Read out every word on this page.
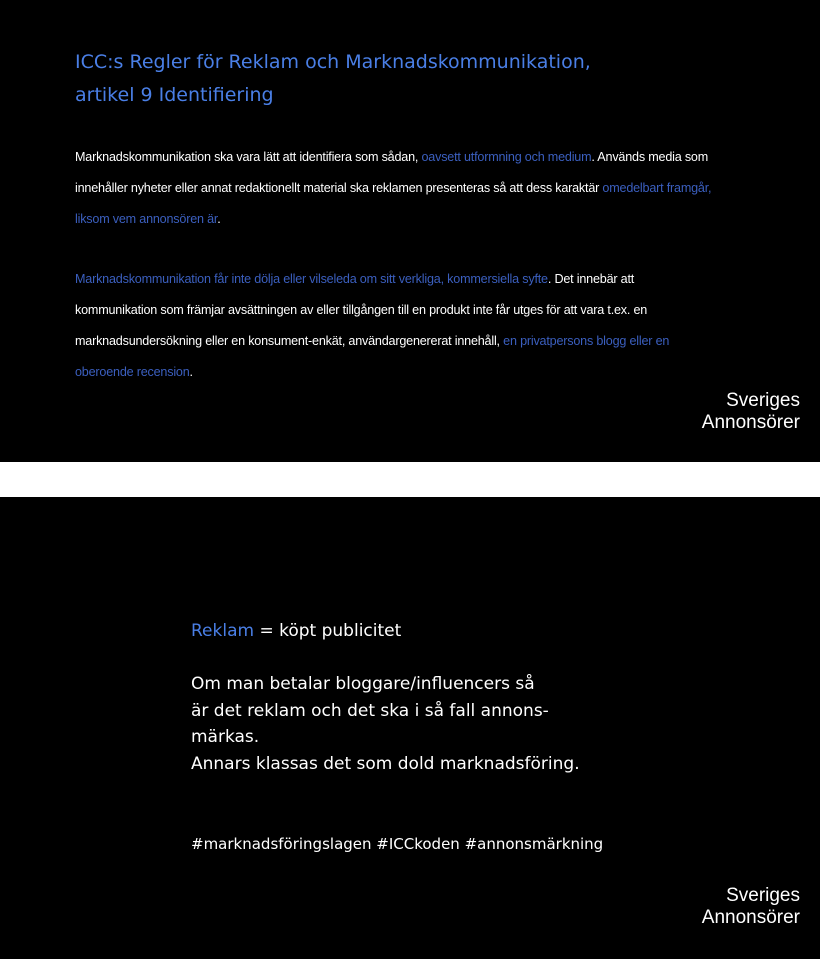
ICC:s Regler för Reklam och Marknadskommunikation,
artikel 9 Identifiering

Marknadskommunikation ska vara lätt att identifiera som sådan, oavsett utformning och medium. Används media som innehåller nyheter eller annat redaktionellt material ska reklamen presenteras så att dess karaktär omedelbart framgår, liksom vem annonsören är.

Marknadskommunikation får inte dölja eller vilseleda om sitt verkliga, kommersiella syfte. Det innebär att kommunikation som främjar avsättningen av eller tillgången till en produkt inte får utges för att vara t.ex. en marknadsundersökning eller en konsument-enkät, användargenererat innehåll, en privatpersons blogg eller en oberoende recension.

Sveriges
Annonsörer

Reklam = köpt publicitet

Om man betalar bloggare/influencers så
är det reklam och det ska i så fall annons-
märkas.
Annars klassas det som dold marknadsföring.

#marknadsföringslagen #ICCkoden #annonsmärkning

Sveriges
Annonsörer
